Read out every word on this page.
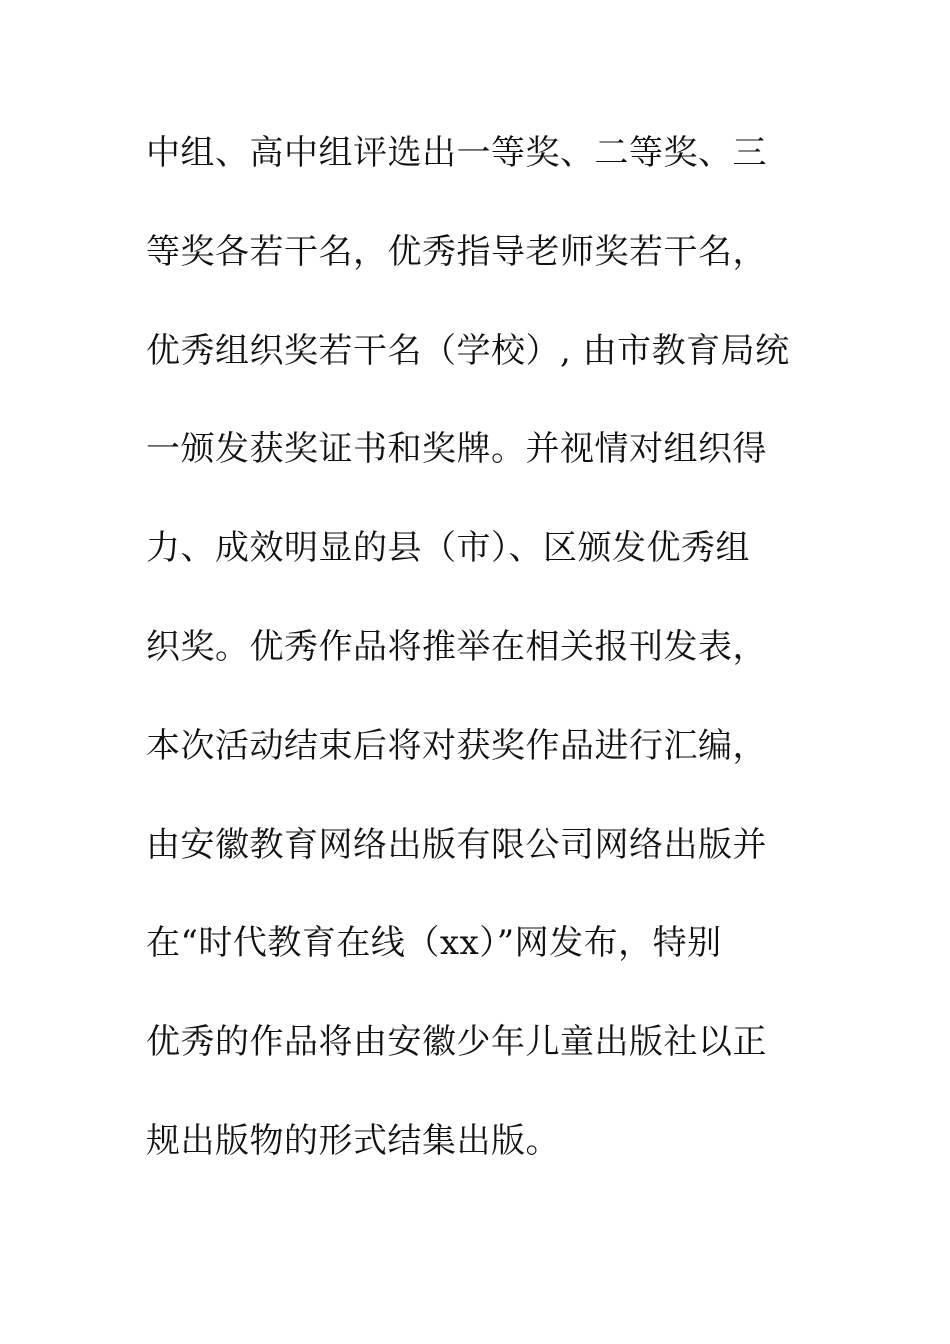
中组、高中组评选出一等奖、二等奖、三
等奖各若干名，优秀指导老师奖若干名，
优秀组织奖若干名（学校）, 由市教育局统
一颁发获奖证书和奖牌。并视情对组织得
力、成效明显的县（市）、区颁发优秀组
织奖。优秀作品将推举在相关报刊发表，
本次活动结束后将对获奖作品进行汇编，
由安徽教育网络出版有限公司网络出版并
在“时代教育在线（xx）”网发布，特别
优秀的作品将由安徽少年儿童出版社以正
规出版物的形式结集出版。
